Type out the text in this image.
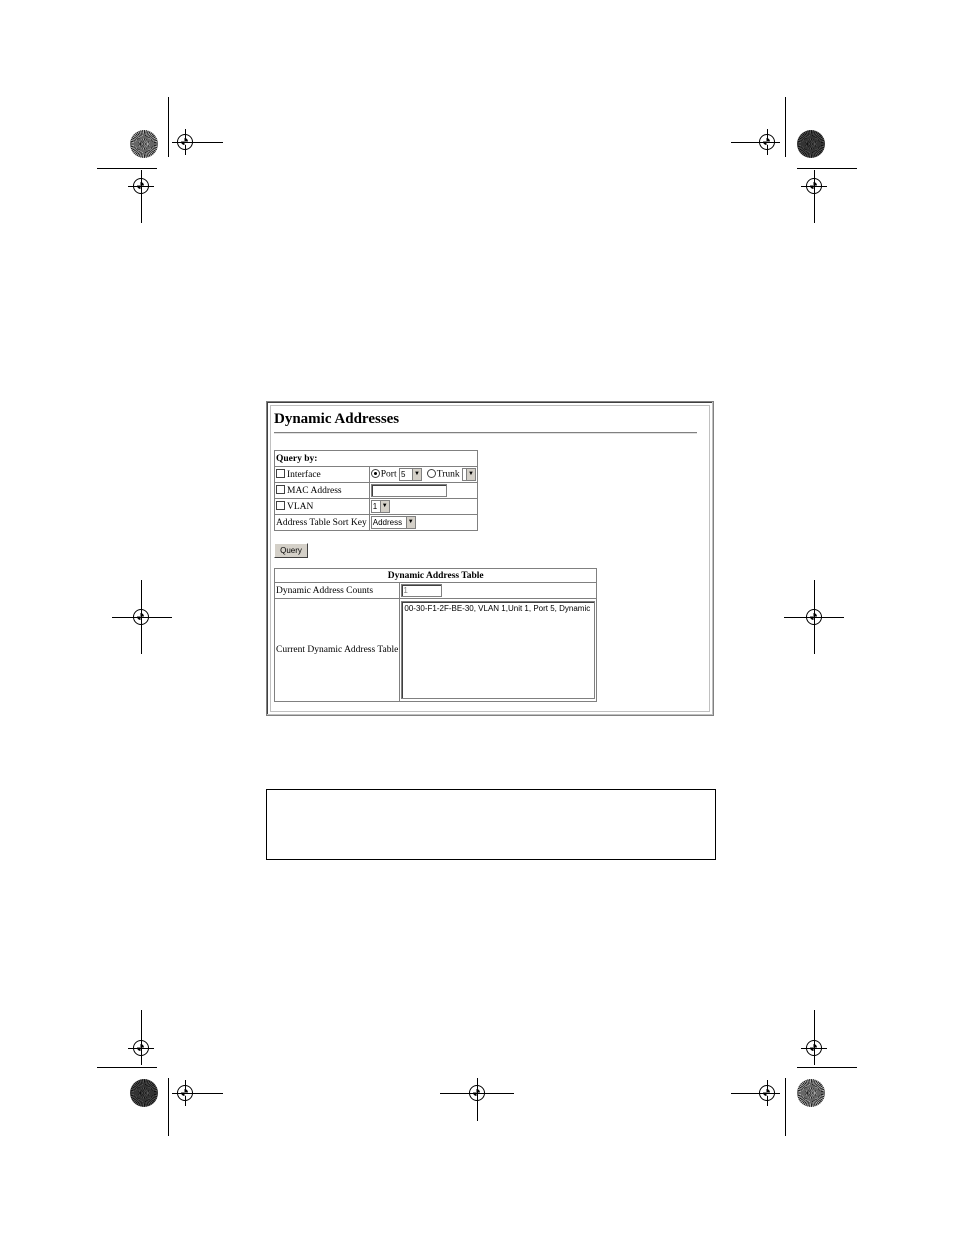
Dynamic Addresses
Query by:	
Interface	Port 5 ▼ Trunk ▼

MAC Address	
VLAN	1 ▼

Address Table Sort Key	Address ▼
Query
Dynamic Address Table	
Dynamic Address Counts	1
Current Dynamic Address Table	00-30-F1-2F-BE-30, VLAN 1,Unit 1, Port 5, Dynamic
